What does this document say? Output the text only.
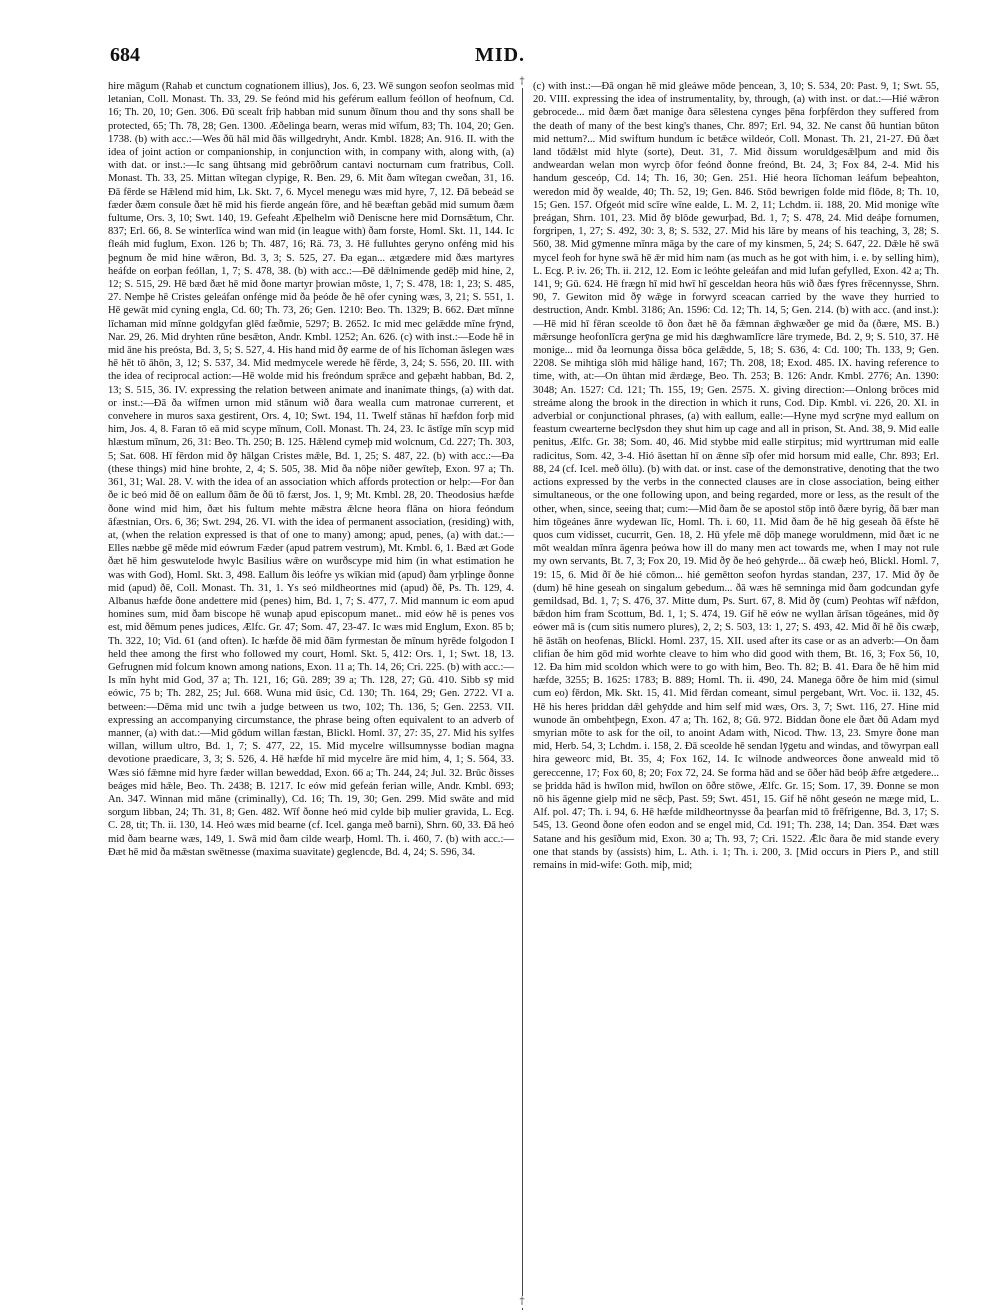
684	MID.
†
†

hire māgum (Rahab et cunctum cognationem illius), Jos. 6, 23. Wē sungon seofon seolmas mid letanian, Coll. Monast. Th. 33, 29. Se feónd mid his geférum eallum feóllon of heofnum, Cd. 16; Th. 20, 10; Gen. 306. Đū scealt friþ habban mid sunum ðīnum thou and thy sons shall be protected, 65; Th. 78, 28; Gen. 1300. Æðelinga bearn, weras mid wīfum, 83; Th. 104, 20; Gen. 1738. (b) with acc.:—Wes ðū hāl mid ðās willgedryht, Andr. Kmbl. 1828; An. 916. II. with the idea of joint action or companionship, in conjunction with, in company with, along with, (a) with dat. or inst.:—Ic sang ūhtsang mid gebrōðrum cantavi nocturnam cum fratribus, Coll. Monast. Th. 33, 25. Mittan wītegan clypige, R. Ben. 29, 6. Mit ðam wītegan cweðan, 31, 16. Đā fērde se Hǣlend mid him, Lk. Skt. 7, 6. Mycel menegu wæs mid hyre, 7, 12. Đā bebeád se fæder ðæm consule ðæt hē mid his fierde angeán fōre, and hē beæftan gebād mid sumum ðæm fultume, Ors. 3, 10; Swt. 140, 19. Gefeaht Æþelhelm wið Deniscne here mid Dornsǣtum, Chr. 837; Erl. 66, 8. Se winterlīca wind wan mid (in league with) ðam forste, Homl. Skt. 11, 144. Ic fleáh mid fuglum, Exon. 126 b; Th. 487, 16; Rä. 73, 3. Hē fulluhtes geryno onféng mid his þegnum ðe mid hine wǣron, Bd. 3, 3; S. 525, 27. Đa egan... ætgædere mid ðæs martyres heáfde on eorþan feóllan, 1, 7; S. 478, 38. (b) with acc.:—Đē dǣlnimende gedēþ mid hine, 2, 12; S. 515, 29. Hē bæd ðæt hē mid ðone martyr þrowian mōste, 1, 7; S. 478, 18: 1, 23; S. 485, 27. Nemþe hē Cristes geleáfan onfénge mid ða þeóde ðe hē ofer cyning wæs, 3, 21; S. 551, 1. Hē gewāt mid cyning engla, Cd. 60; Th. 73, 26; Gen. 1210: Beo. Th. 1329; B. 662. Ðæt mīnne līchaman mid mīnne goldgyfan glēd fæðmie, 5297; B. 2652. Ic mid mec gelǣdde mīne frȳnd, Nar. 29, 26. Mid dryhten rūne besǣton, Andr. Kmbl. 1252; An. 626. (c) with inst.:—Eode hē in mid āne his preósta, Bd. 3, 5; S. 527, 4. His hand mid ðȳ earme de of his līchoman āslegen wæs hē hēt tō āhōn, 3, 12; S. 537, 34. Mid medmycele werede hē fērde, 3, 24; S. 556, 20. III. with the idea of reciprocal action:—Hē wolde mid his freóndum sprǣce and geþæht habban, Bd. 2, 13; S. 515, 36. IV. expressing the relation between animate and inanimate things, (a) with dat. or inst.:—Đā ða wīfmen urnon mid stānum wið ðara wealla cum matronae currerent, et convehere in muros saxa gestirent, Ors. 4, 10; Swt. 194, 11. Twelf stānas hī hæfdon forþ mid him, Jos. 4, 8. Faran tō eā mid scype mīnum, Coll. Monast. Th. 24, 23. Ic āstīge mīn scyp mid hlæstum mīnum, 26, 31: Beo. Th. 250; B. 125. Hǣlend cymeþ mid wolcnum, Cd. 227; Th. 303, 5; Sat. 608. Hī fērdon mid ðȳ hālgan Cristes mǣle, Bd. 1, 25; S. 487, 22. (b) with acc.:—Đa (these things) mid hine brohte, 2, 4; S. 505, 38. Mid ða nōþe niðer gewīteþ, Exon. 97 a; Th. 361, 31; Wal. 28. V. with the idea of an association which affords protection or help:—For ðan ðe ic beó mid ðē on eallum ðām ðe ðū tō færst, Jos. 1, 9; Mt. Kmbl. 28, 20. Theodosius hæfde ðone wind mid him, ðæt his fultum mehte mǣstra ǣlcne heora flāna on hiora feóndum āfæstnian, Ors. 6, 36; Swt. 294, 26. VI. with the idea of permanent association, (residing) with, at, (when the relation expressed is that of one to many) among; apud, penes, (a) with dat.:—Elles næbbe gē mēde mid eówrum Fæder (apud patrem vestrum), Mt. Kmbl. 6, 1. Bæd æt Gode ðæt hē him geswutelode hwylc Basilius wǣre on wurðscype mid him (in what estimation he was with God), Homl. Skt. 3, 498. Eallum ðis leófre ys wīkian mid (apud) ðam yrþlinge ðonne mid (apud) ðē, Coll. Monast. Th. 31, 1. Ys seó mildheortnes mid (apud) ðē, Ps. Th. 129, 4. Albanus hæfde ðone andettere mid (penes) him, Bd. 1, 7; S. 477, 7. Mid mannum ic eom apud homines sum, mid ðam biscope hē wunaþ apud episcopum manet.. mid eów hē is penes vos est, mid ðēmum penes judices, Ælfc. Gr. 47; Som. 47, 23-47. Ic wæs mid Englum, Exon. 85 b; Th. 322, 10; Vid. 61 (and often). Ic hæfde ðē mid ðām fyrmestan ðe mīnum hȳrēde folgodon I held thee among the first who followed my court, Homl. Skt. 5, 412: Ors. 1, 1; Swt. 18, 13. Gefrugnen mid folcum known among nations, Exon. 11 a; Th. 14, 26; Cri. 225. (b) with acc.:—Is mīn hyht mid God, 37 a; Th. 121, 16; Gū. 289; 39 a; Th. 128, 27; Gū. 410. Sibb sȳ mid eówic, 75 b; Th. 282, 25; Jul. 668. Wuna mid ūsic, Cd. 130; Th. 164, 29; Gen. 2722. VI a. between:—Dēma mid unc twih a judge between us two, 102; Th. 136, 5; Gen. 2253. VII. expressing an accompanying circumstance, the phrase being often equivalent to an adverb of manner, (a) with dat.:—Mid gōdum willan fæstan, Blickl. Homl. 37, 27: 35, 27. Mid his sylfes willan, willum ultro, Bd. 1, 7; S. 477, 22, 15. Mid mycelre willsumnysse bodian magna devotione praedicare, 3, 3; S. 526, 4. Hē hæfde hī mid mycelre āre mid him, 4, 1; S. 564, 33. Wæs sió fǣmne mid hyre fæder willan beweddad, Exon. 66 a; Th. 244, 24; Jul. 32. Brūc ðisses beáges mid hǣle, Beo. Th. 2438; B. 1217. Ic eów mid gefeán ferian wille, Andr. Kmbl. 693; An. 347. Winnan mid māne (criminally), Cd. 16; Th. 19, 30; Gen. 299. Mid swāte and mid sorgum libban, 24; Th. 31, 8; Gen. 482. Wīf ðonne heó mid cylde biþ mulier gravida, L. Ecg. C. 28, tit; Th. ii. 130, 14. Heó wæs mid bearne (cf. Icel. ganga með barni), Shrn. 60, 33. Đā heó mid ðam bearne wæs, 149, 1. Swā mid ðam cilde wearþ, Homl. Th. i. 460, 7. (b) with acc.:—Ðæt hē mid ða mǣstan swētnesse (maxima suavitate) geglencde, Bd. 4, 24; S. 596, 34.

(c) with inst.:—Đā ongan hē mid gleáwe mōde þencean, 3, 10; S. 534, 20: Past. 9, 1; Swt. 55, 20. VIII. expressing the idea of instrumentality, by, through, (a) with inst. or dat.:—Hié wǣron gebrocede... mid ðæm ðæt manige ðara sēlestena cynges þēna forþfērdon they suffered from the death of many of the best king's thanes, Chr. 897; Erl. 94, 32. Ne canst ðū huntian būton mid nettum?... Mid swiftum hundum ic betǣce wildeór, Coll. Monast. Th. 21, 21-27. Đū ðæt land tōdǣlst mid hlyte (sorte), Deut. 31, 7. Mid ðissum woruldgesǣlþum and mid ðis andweardan welan mon wyrcþ ōfor feónd ðonne freónd, Bt. 24, 3; Fox 84, 2-4. Mid his handum gesceóp, Cd. 14; Th. 16, 30; Gen. 251. Hié heora līchoman leáfum beþeahton, weredon mid ðȳ wealde, 40; Th. 52, 19; Gen. 846. Stōd bewrigen folde mid flōde, 8; Th. 10, 15; Gen. 157. Ofgeót mid scīre wīne ealde, L. M. 2, 11; Lchdm. ii. 188, 20. Mid monige wīte þreágan, Shrn. 101, 23. Mid ðȳ blōde gewurþad, Bd. 1, 7; S. 478, 24. Mid deáþe fornumen, forgripen, 1, 27; S. 492, 30: 3, 8; S. 532, 27. Mid his lāre by means of his teaching, 3, 28; S. 560, 38. Mid gȳmenne mīnra māga by the care of my kinsmen, 5, 24; S. 647, 22. Dǣle hē swā mycel feoh for hyne swā hē ǣr mid him nam (as much as he got with him, i. e. by selling him), L. Ecg. P. iv. 26; Th. ii. 212, 12. Eom ic leóhte geleáfan and mid lufan gefylled, Exon. 42 a; Th. 141, 9; Gū. 624. Hē frægn hī mid hwī hī gesceldan heora hūs wið ðæs fȳres frēcennysse, Shrn. 90, 7. Gewiton mid ðȳ wǣge in forwyrd sceacan carried by the wave they hurried to destruction, Andr. Kmbl. 3186; An. 1596: Cd. 12; Th. 14, 5; Gen. 214. (b) with acc. (and inst.):—Hē mid hī fēran sceolde tō ðon ðæt hē ða fǣmnan ǣghwæðer ge mid ða (ðære, MS. B.) mǣrsunge heofonlīcra gerȳna ge mid his dæghwamlīcre lāre trymede, Bd. 2, 9; S. 510, 37. Hē monige... mid ða leornunga ðissa bōca gelǣdde, 5, 18; S. 636, 4: Cd. 100; Th. 133, 9; Gen. 2208. Se mihtiga slōh mid hālige hand, 167; Th. 208, 18; Exod. 485. IX. having reference to time, with, at:—On ūhtan mid ǣrdæge, Beo. Th. 253; B. 126: Andr. Kmbl. 2776; An. 1390: 3048; An. 1527: Cd. 121; Th. 155, 19; Gen. 2575. X. giving direction:—Onlong brōces mid streáme along the brook in the direction in which it runs, Cod. Dip. Kmbl. vi. 226, 20. XI. in adverbial or conjunctional phrases, (a) with eallum, ealle:—Hyne myd scrȳne myd eallum on feastum cwearterne beclȳsdon they shut him up cage and all in prison, St. And. 38, 9. Mid ealle penitus, Ælfc. Gr. 38; Som. 40, 46. Mid stybbe mid ealle stirpitus; mid wyrttruman mid ealle radicitus, Som. 42, 3-4. Hió āsettan hī on ǣnne sīþ ofer mid horsum mid ealle, Chr. 893; Erl. 88, 24 (cf. Icel. með öllu). (b) with dat. or inst. case of the demonstrative, denoting that the two actions expressed by the verbs in the connected clauses are in close association, being either simultaneous, or the one following upon, and being regarded, more or less, as the result of the other, when, since, seeing that; cum:—Mid ðam ðe se apostol stōp intō ðære byrig, ðā bær man him tōgeánes ānre wydewan līc, Homl. Th. i. 60, 11. Mid ðam ðe hē hig geseah ðā ēfste hē quos cum vidisset, cucurrit, Gen. 18, 2. Hū yfele mē dōþ manege woruldmenn, mid ðæt ic ne mōt wealdan mīnra āgenra þeówa how ill do many men act towards me, when I may not rule my own servants, Bt. 7, 3; Fox 20, 19. Mid ðȳ ðe heó gehȳrde... ðā cwæþ heó, Blickl. Homl. 7, 19: 15, 6. Mid ðī ðe hié cōmon... hié gemētton seofon hyrdas standan, 237, 17. Mid ðȳ ðe (dum) hē hine geseah on singalum gebedum... ðā wæs hē semninga mid ðam godcundan gyfe gemildsad, Bd. 1, 7; S. 476, 37. Mitte dum, Ps. Surt. 67, 8. Mid ðȳ (cum) Peohtas wīf nǣfdon, bǣdon him fram Scottum, Bd. 1, 1; S. 474, 19. Gif hē eów ne wyllan ārīsan tōgeánes, mid ðȳ eówer mā is (cum sitis numero plures), 2, 2; S. 503, 13: 1, 27; S. 493, 42. Mid ðī hē ðis cwæþ, hē āstāh on heofenas, Blickl. Homl. 237, 15. XII. used after its case or as an adverb:—On ðam clifian ðe him gōd mid worhte cleave to him who did good with them, Bt. 16, 3; Fox 56, 10, 12. Đa him mid scoldon which were to go with him, Beo. Th. 82; B. 41. Đara ðe hē him mid hæfde, 3255; B. 1625: 1783; B. 889; Homl. Th. ii. 490, 24. Manega ōðre ðe him mid (simul cum eo) fērdon, Mk. Skt. 15, 41. Mid fērdan comeant, simul pergebant, Wrt. Voc. ii. 132, 45. Hē his heres þriddan dǣl gehȳdde and him self mid wæs, Ors. 3, 7; Swt. 116, 27. Hine mid wunode ān ombehtþegn, Exon. 47 a; Th. 162, 8; Gū. 972. Biddan ðone ele ðæt ðū Adam myd smyrian mōte to ask for the oil, to anoint Adam with, Nicod. Thw. 13, 23. Smyre ðone man mid, Herb. 54, 3; Lchdm. i. 158, 2. Đā sceolde hē sendan lȳgetu and windas, and tōwyrpan eall hira geweorc mid, Bt. 35, 4; Fox 162, 14. Ic wilnode andweorces ðone anweald mid tō gereccenne, 17; Fox 60, 8; 20; Fox 72, 24. Se forma hād and se ōðer hād beóþ ǣfre ætgedere... se þridda hād is hwīlon mid, hwīlon on ōðre stōwe, Ælfc. Gr. 15; Som. 17, 39. Đonne se mon nō his āgenne gielp mid ne sēcþ, Past. 59; Swt. 451, 15. Gif hē nōht geseón ne mæge mid, L. Alf. pol. 47; Th. i. 94, 6. Hē hæfde mildheortnysse ða þearfan mid tō frēfrigenne, Bd. 3, 17; S. 545, 13. Geond ðone ofen eodon and se engel mid, Cd. 191; Th. 238, 14; Dan. 354. Ðæt wæs Satane and his gesīðum mid, Exon. 30 a; Th. 93, 7; Cri. 1522. Ǣlc ðara ðe mid stande every one that stands by (assists) him, L. Ath. i. 1; Th. i. 200, 3. [Mid occurs in Piers P., and still remains in mid-wife: Goth. miþ, mid;
